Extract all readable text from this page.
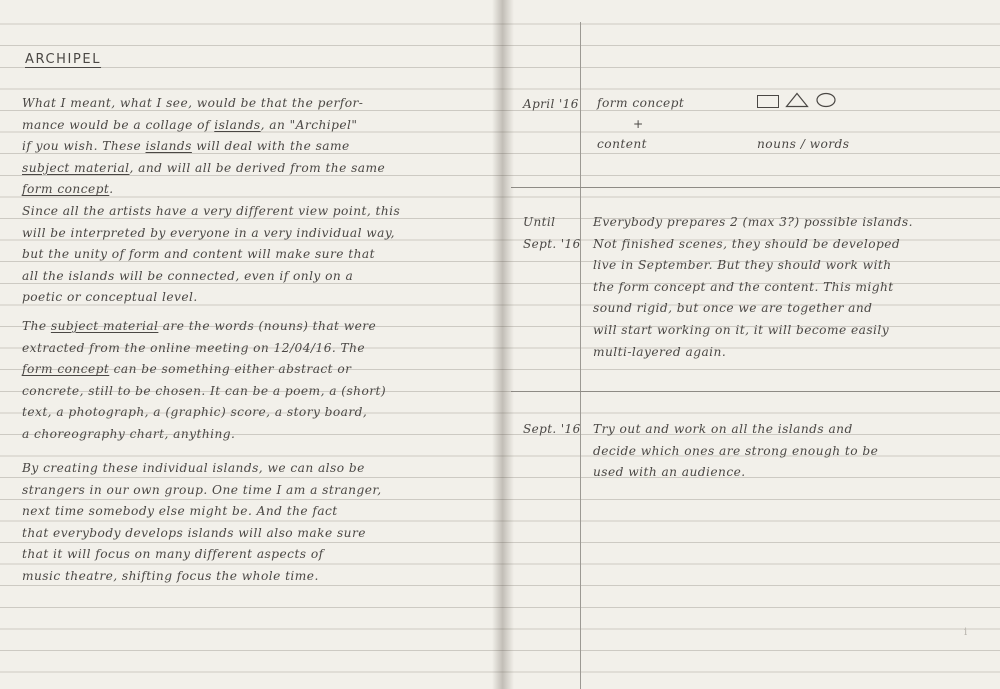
ARCHIPEL
What I meant, what I see, would be that the perfor-
mance would be a collage of islands, an "Archipel"
if you wish. These islands will deal with the same
subject material, and will all be derived from the same
form concept.
Since all the artists have a very different view point, this
will be interpreted by everyone in a very individual way,
but the unity of form and content will make sure that
all the islands will be connected, even if only on a
poetic or conceptual level.
The subject material are the words (nouns) that were
extracted from the online meeting on 12/04/16. The
form concept can be something either abstract or
concrete, still to be chosen. It can be a poem, a (short)
text, a photograph, a (graphic) score, a story board,
a choreography chart, anything.
By creating these individual islands, we can also be
strangers in our own group. One time I am a stranger,
next time somebody else might be. And the fact
that everybody develops islands will also make sure
that it will focus on many different aspects of
music theatre, shifting focus the whole time.
April '16 form concept
+
content	nouns / words
Until
Sept. '16
Everybody prepares 2 (max 3?) possible islands.
Not finished scenes, they should be developed
live in September. But they should work with
the form concept and the content. This might
sound rigid, but once we are together and
will start working on it, it will become easily
multi-layered again.
Sept. '16 Try out and work on all the islands and
decide which ones are strong enough to be
used with an audience.
i
